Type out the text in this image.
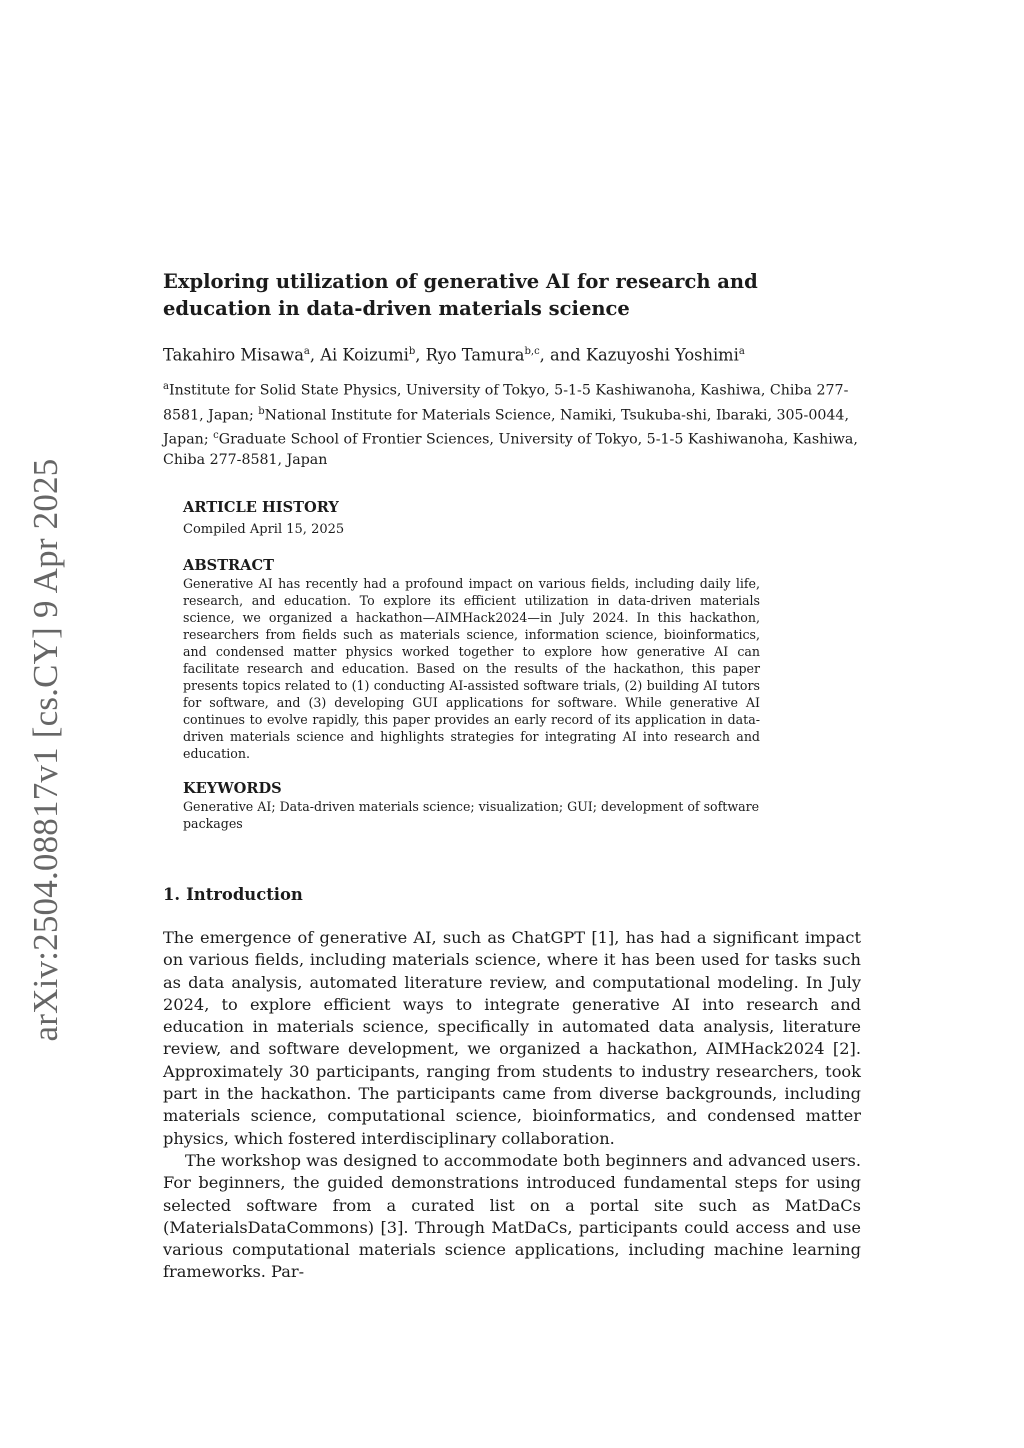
arXiv:2504.08817v1 [cs.CY] 9 Apr 2025
Exploring utilization of generative AI for research and education in data-driven materials science
Takahiro Misawa$^a$, Ai Koizumi$^b$, Ryo Tamura$^{b,c}$, and Kazuyoshi Yoshimi$^a$
$^a$Institute for Solid State Physics, University of Tokyo, 5-1-5 Kashiwanoha, Kashiwa, Chiba 277-8581, Japan; $^b$National Institute for Materials Science, Namiki, Tsukuba-shi, Ibaraki, 305-0044, Japan; $^c$Graduate School of Frontier Sciences, University of Tokyo, 5-1-5 Kashiwanoha, Kashiwa, Chiba 277-8581, Japan
ARTICLE HISTORY
Compiled April 15, 2025
ABSTRACT
Generative AI has recently had a profound impact on various fields, including daily life, research, and education. To explore its efficient utilization in data-driven materials science, we organized a hackathon—AIMHack2024—in July 2024. In this hackathon, researchers from fields such as materials science, information science, bioinformatics, and condensed matter physics worked together to explore how generative AI can facilitate research and education. Based on the results of the hackathon, this paper presents topics related to (1) conducting AI-assisted software trials, (2) building AI tutors for software, and (3) developing GUI applications for software. While generative AI continues to evolve rapidly, this paper provides an early record of its application in data-driven materials science and highlights strategies for integrating AI into research and education.
KEYWORDS
Generative AI; Data-driven materials science; visualization; GUI; development of software packages
1. Introduction

The emergence of generative AI, such as ChatGPT [1], has had a significant impact on various fields, including materials science, where it has been used for tasks such as data analysis, automated literature review, and computational modeling. In July 2024, to explore efficient ways to integrate generative AI into research and education in materials science, specifically in automated data analysis, literature review, and software development, we organized a hackathon, AIMHack2024 [2]. Approximately 30 participants, ranging from students to industry researchers, took part in the hackathon. The participants came from diverse backgrounds, including materials science, computational science, bioinformatics, and condensed matter physics, which fostered interdisciplinary collaboration.

The workshop was designed to accommodate both beginners and advanced users. For beginners, the guided demonstrations introduced fundamental steps for using selected software from a curated list on a portal site such as MatDaCs (MaterialsDataCommons) [3]. Through MatDaCs, participants could access and use various computational materials science applications, including machine learning frameworks. Par-
